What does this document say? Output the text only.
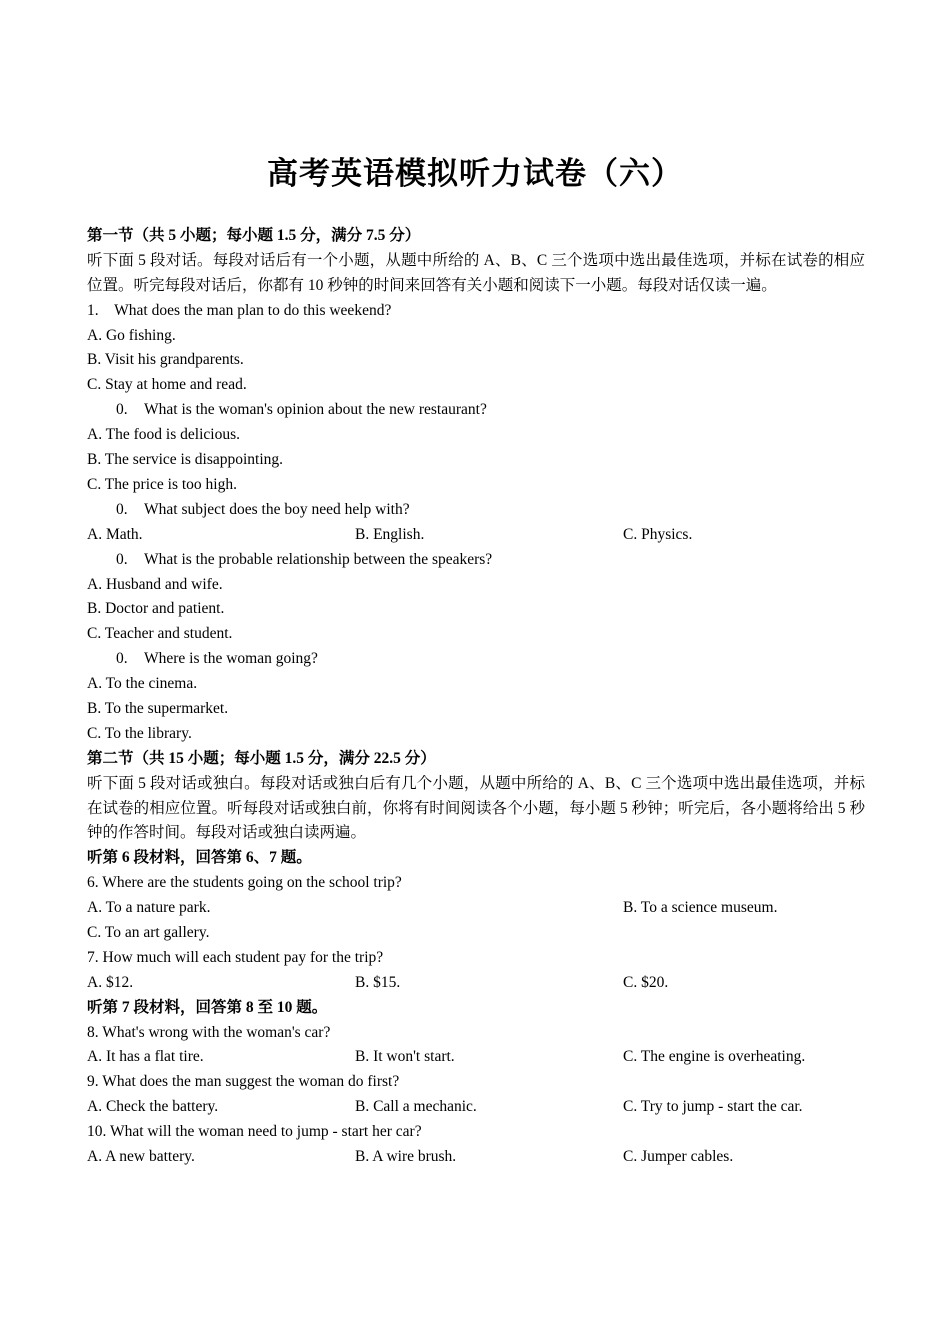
高考英语模拟听力试卷（六）
第一节（共 5 小题；每小题 1.5 分，满分 7.5 分）
听下面 5 段对话。每段对话后有一个小题，从题中所给的 A、B、C 三个选项中选出最佳选项，并标在试卷的相应位置。听完每段对话后，你都有 10 秒钟的时间来回答有关小题和阅读下一小题。每段对话仅读一遍。
1. What does the man plan to do this weekend?
A. Go fishing.
B. Visit his grandparents.
C. Stay at home and read.
0. What is the woman's opinion about the new restaurant?
A. The food is delicious.
B. The service is disappointing.
C. The price is too high.
0. What subject does the boy need help with?
A. Math.	B. English.	C. Physics.
0. What is the probable relationship between the speakers?
A. Husband and wife.
B. Doctor and patient.
C. Teacher and student.
0. Where is the woman going?
A. To the cinema.
B. To the supermarket.
C. To the library.
第二节（共 15 小题；每小题 1.5 分，满分 22.5 分）
听下面 5 段对话或独白。每段对话或独白后有几个小题，从题中所给的 A、B、C 三个选项中选出最佳选项，并标在试卷的相应位置。听每段对话或独白前，你将有时间阅读各个小题，每小题 5 秒钟；听完后，各小题将给出 5 秒钟的作答时间。每段对话或独白读两遍。
听第 6 段材料，回答第 6、7 题。
6. Where are the students going on the school trip?
A. To a nature park.	B. To a science museum.
C. To an art gallery.
7. How much will each student pay for the trip?
A. $12.	B. $15.	C. $20.
听第 7 段材料，回答第 8 至 10 题。
8. What's wrong with the woman's car?
A. It has a flat tire.	B. It won't start.	C. The engine is overheating.
9. What does the man suggest the woman do first?
A. Check the battery.	B. Call a mechanic.	C. Try to jump - start the car.
10. What will the woman need to jump - start her car?
A. A new battery.	B. A wire brush.	C. Jumper cables.
